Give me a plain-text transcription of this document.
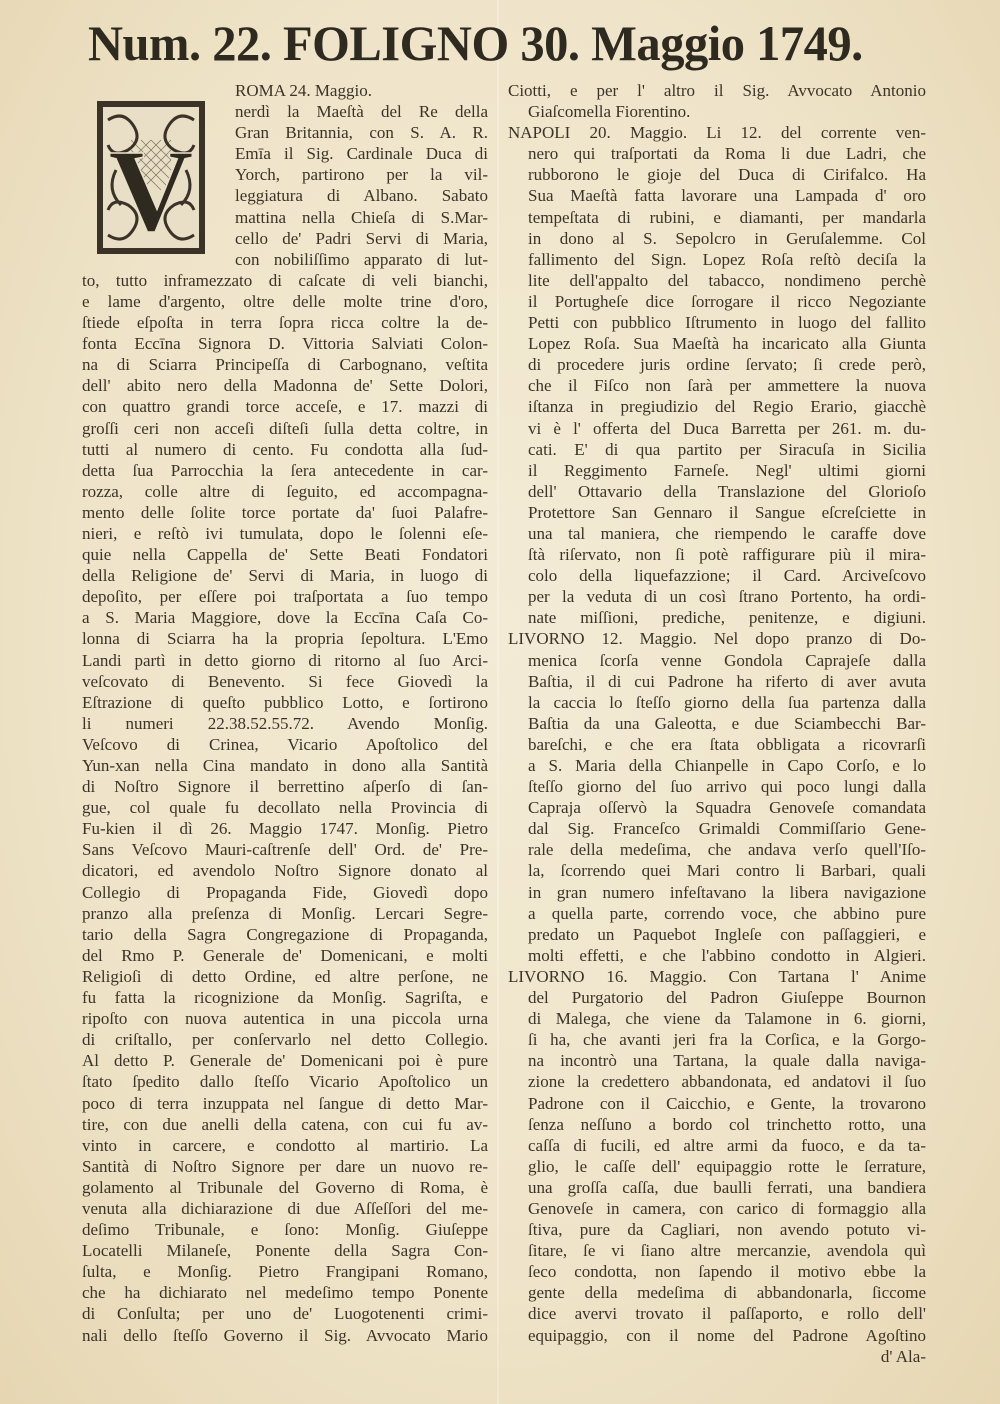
Num. 22. FOLIGNO 30. Maggio 1749.
V
ROMA 24. Maggio.
nerdì la Maeſtà del Re della
Gran Britannia, con S. A. R.
Emīa il Sig. Cardinale Duca di
Yorch, partirono per la vil-
leggiatura di Albano. Sabato
mattina nella Chieſa di S.Mar-
cello de' Padri Servi di Maria,
con nobiliſſimo apparato di lut-
to, tutto inframezzato di caſcate di veli bianchi,
e lame d'argento, oltre delle molte trine d'oro,
ſtiede eſpoſta in terra ſopra ricca coltre la de-
fonta Eccīna Signora D. Vittoria Salviati Colon-
na di Sciarra Principeſſa di Carbognano, veſtita
dell' abito nero della Madonna de' Sette Dolori,
con quattro grandi torce acceſe, e 17. mazzi di
groſſi ceri non acceſi diſteſi ſulla detta coltre, in
tutti al numero di cento. Fu condotta alla ſud-
detta ſua Parrocchia la ſera antecedente in car-
rozza, colle altre di ſeguito, ed accompagna-
mento delle ſolite torce portate da' ſuoi Palafre-
nieri, e reſtò ivi tumulata, dopo le ſolenni eſe-
quie nella Cappella de' Sette Beati Fondatori
della Religione de' Servi di Maria, in luogo di
depoſito, per eſſere poi traſportata a ſuo tempo
a S. Maria Maggiore, dove la Eccīna Caſa Co-
lonna di Sciarra ha la propria ſepoltura. L'Emo
Landi partì in detto giorno di ritorno al ſuo Arci-
veſcovato di Benevento. Si fece Giovedì la
Eſtrazione di queſto pubblico Lotto, e ſortirono
li numeri 22.38.52.55.72. Avendo Monſig.
Veſcovo di Crinea, Vicario Apoſtolico del
Yun-xan nella Cina mandato in dono alla Santità
di Noſtro Signore il berrettino aſperſo di ſan-
gue, col quale fu decollato nella Provincia di
Fu-kien il dì 26. Maggio 1747. Monſig. Pietro
Sans Veſcovo Mauri-caſtrenſe dell' Ord. de' Pre-
dicatori, ed avendolo Noſtro Signore donato al
Collegio di Propaganda Fide, Giovedì dopo
pranzo alla preſenza di Monſig. Lercari Segre-
tario della Sagra Congregazione di Propaganda,
del Rmo P. Generale de' Domenicani, e molti
Religioſi di detto Ordine, ed altre perſone, ne
fu fatta la ricognizione da Monſig. Sagriſta, e
ripoſto con nuova autentica in una piccola urna
di criſtallo, per conſervarlo nel detto Collegio.
Al detto P. Generale de' Domenicani poi è pure
ſtato ſpedito dallo ſteſſo Vicario Apoſtolico un
poco di terra inzuppata nel ſangue di detto Mar-
tire, con due anelli della catena, con cui fu av-
vinto in carcere, e condotto al martirio. La
Santità di Noſtro Signore per dare un nuovo re-
golamento al Tribunale del Governo di Roma, è
venuta alla dichiarazione di due Aſſeſſori del me-
deſimo Tribunale, e ſono: Monſig. Giuſeppe
Locatelli Milaneſe, Ponente della Sagra Con-
ſulta, e Monſig. Pietro Frangipani Romano,
che ha dichiarato nel medeſimo tempo Ponente
di Conſulta; per uno de' Luogotenenti crimi-
nali dello ſteſſo Governo il Sig. Avvocato Mario
Ciotti, e per l' altro il Sig. Avvocato Antonio
Giaſcomella Fiorentino.
NAPOLI 20. Maggio. Li 12. del corrente ven-
nero qui traſportati da Roma li due Ladri, che
rubborono le gioje del Duca di Cirifalco. Ha
Sua Maeſtà fatta lavorare una Lampada d' oro
tempeſtata di rubini, e diamanti, per mandarla
in dono al S. Sepolcro in Geruſalemme. Col
fallimento del Sign. Lopez Roſa reſtò deciſa la
lite dell'appalto del tabacco, nondimeno perchè
il Portugheſe dice ſorrogare il ricco Negoziante
Petti con pubblico Iſtrumento in luogo del fallito
Lopez Roſa. Sua Maeſtà ha incaricato alla Giunta
di procedere juris ordine ſervato; ſi crede però,
che il Fiſco non ſarà per ammettere la nuova
iſtanza in pregiudizio del Regio Erario, giacchè
vi è l' offerta del Duca Barretta per 261. m. du-
cati. E' di qua partito per Siracuſa in Sicilia
il Reggimento Farneſe. Negl' ultimi giorni
dell' Ottavario della Translazione del Glorioſo
Protettore San Gennaro il Sangue eſcreſciette in
una tal maniera, che riempendo le caraffe dove
ſtà riſervato, non ſi potè raffigurare più il mira-
colo della liquefazzione; il Card. Arciveſcovo
per la veduta di un così ſtrano Portento, ha ordi-
nate miſſioni, prediche, penitenze, e digiuni.
LIVORNO 12. Maggio. Nel dopo pranzo di Do-
menica ſcorſa venne Gondola Caprajeſe dalla
Baſtia, il di cui Padrone ha riferto di aver avuta
la caccia lo ſteſſo giorno della ſua partenza dalla
Baſtia da una Galeotta, e due Sciambecchi Bar-
bareſchi, e che era ſtata obbligata a ricovrarſi
a S. Maria della Chianpelle in Capo Corſo, e lo
ſteſſo giorno del ſuo arrivo qui poco lungi dalla
Capraja oſſervò la Squadra Genoveſe comandata
dal Sig. Franceſco Grimaldi Commiſſario Gene-
rale della medeſima, che andava verſo quell'Iſo-
la, ſcorrendo quei Mari contro li Barbari, quali
in gran numero infeſtavano la libera navigazione
a quella parte, correndo voce, che abbino pure
predato un Paquebot Ingleſe con paſſaggieri, e
molti effetti, e che l'abbino condotto in Algieri.
LIVORNO 16. Maggio. Con Tartana l' Anime
del Purgatorio del Padron Giuſeppe Bournon
di Malega, che viene da Talamone in 6. giorni,
ſi ha, che avanti jeri fra la Corſica, e la Gorgo-
na incontrò una Tartana, la quale dalla naviga-
zione la credettero abbandonata, ed andatovi il ſuo
Padrone con il Caicchio, e Gente, la trovarono
ſenza neſſuno a bordo col trinchetto rotto, una
caſſa di fucili, ed altre armi da fuoco, e da ta-
glio, le caſſe dell' equipaggio rotte le ſerrature,
una groſſa caſſa, due baulli ferrati, una bandiera
Genoveſe in camera, con carico di formaggio alla
ſtiva, pure da Cagliari, non avendo potuto vi-
ſitare, ſe vi ſiano altre mercanzie, avendola quì
ſeco condotta, non ſapendo il motivo ebbe la
gente della medeſima di abbandonarla, ſiccome
dice avervi trovato il paſſaporto, e rollo dell'
equipaggio, con il nome del Padrone Agoſtino
d' Ala-
